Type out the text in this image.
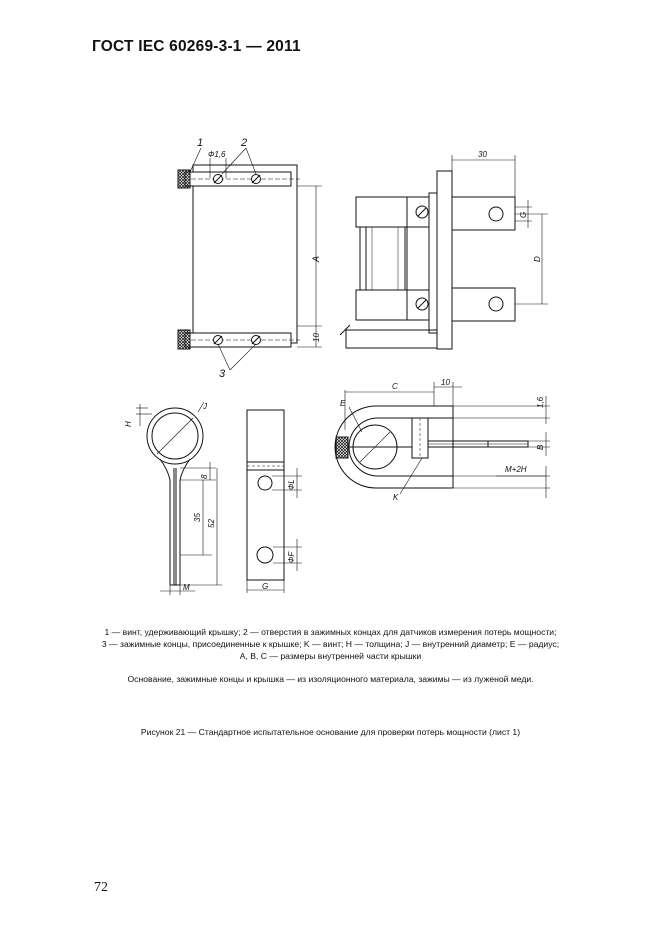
ГОСТ IEC 60269-3-1 — 2011
1	2
3
Ф1,6
A
10
30
G
D
H
J
8
35
52
M
ФL
ФF
G
C	10
1,6
E
B
M+2H
K

1 — винт, удерживающий крышку; 2 — отверстия в зажимных концах для датчиков измерения потерь мощности;

3 — зажимные концы, присоединенные к крышке; K — винт; H — толщина; J — внутренний диаметр; E — радиус;

A, B, C — размеры внутренней части крышки

Основание, зажимные концы и крышка — из изоляционного материала, зажимы — из луженой меди.
Рисунок 21 — Стандартное испытательное основание для проверки потерь мощности (лист 1)
72
